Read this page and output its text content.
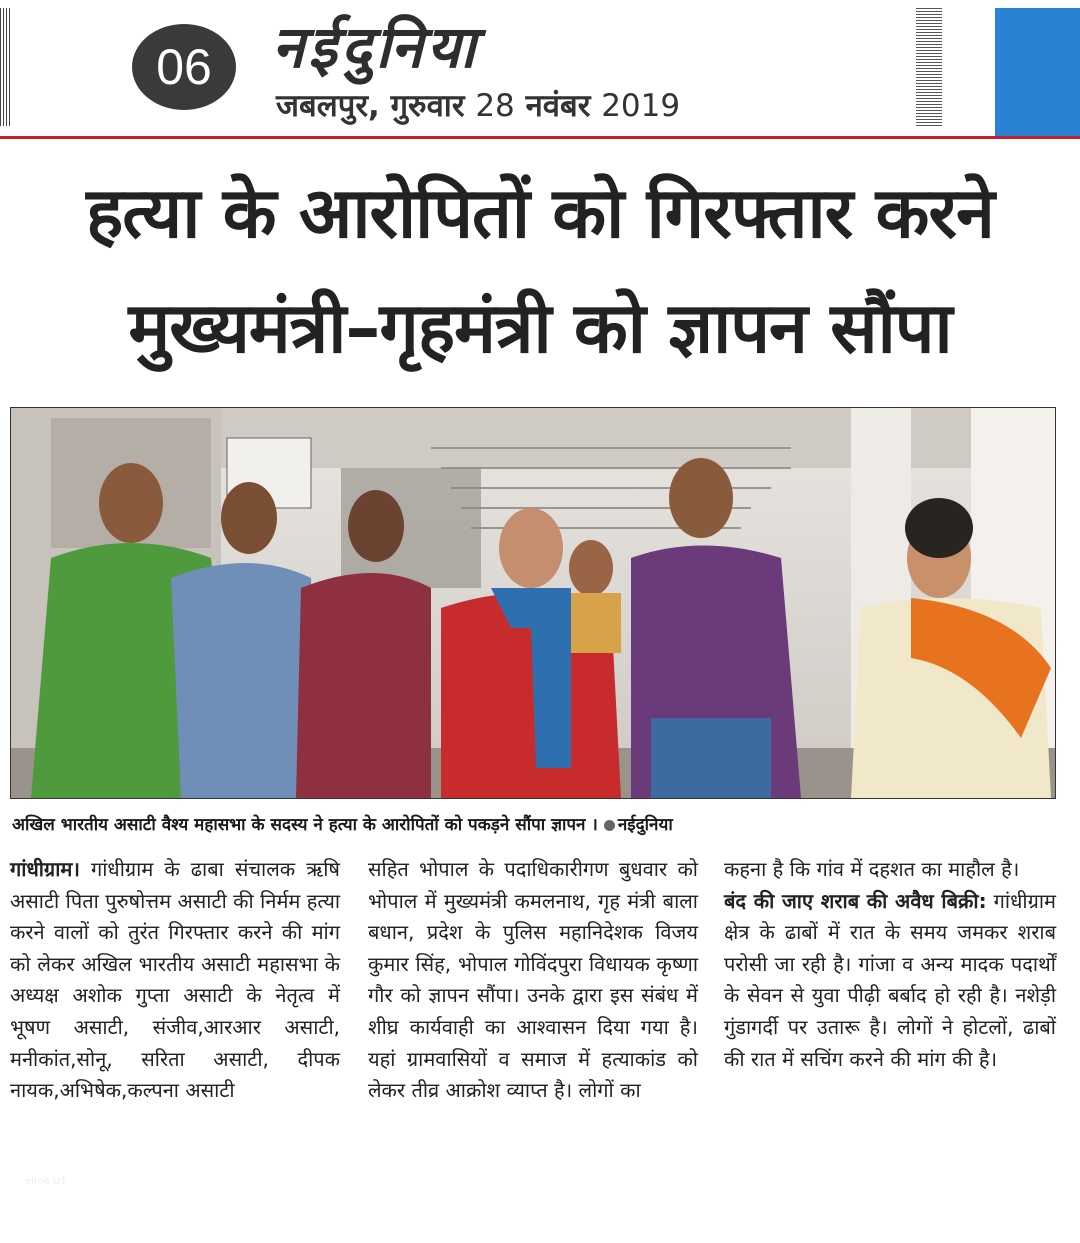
06	नईदुनिया
जबलपुर, गुरुवार 28 नवंबर 2019
हत्या के आरोपितों को गिरफ्तार करने
मुख्यमंत्री–गृहमंत्री को ज्ञापन सौंपा
eime U1
अखिल भारतीय असाटी वैश्य महासभा के सदस्य ने हत्या के आरोपितों को पकड़ने सौंपा ज्ञापन । नईदुनिया

गांधीग्राम। गांधीग्राम के ढाबा संचालक ऋषि असाटी पिता पुरुषोत्तम असाटी की निर्मम हत्या करने वालों को तुरंत गिरफ्तार करने की मांग को लेकर अखिल भारतीय असाटी महासभा के अध्यक्ष अशोक गुप्ता असाटी के नेतृत्व में भूषण असाटी, संजीव,आरआर असाटी, मनीकांत,सोनू, सरिता असाटी, दीपक नायक,अभिषेक,कल्पना असाटी

सहित भोपाल के पदाधिकारीगण बुधवार को भोपाल में मुख्यमंत्री कमलनाथ, गृह मंत्री बाला बधान, प्रदेश के पुलिस महानिदेशक विजय कुमार सिंह, भोपाल गोविंदपुरा विधायक कृष्णा गौर को ज्ञापन सौंपा। उनके द्वारा इस संबंध में शीघ्र कार्यवाही का आश्वासन दिया गया है। यहां ग्रामवासियों व समाज में हत्याकांड को लेकर तीव्र आक्रोश व्याप्त है। लोगों का

कहना है कि गांव में दहशत का माहौल है।

बंद की जाए शराब की अवैध बिक्री: गांधीग्राम क्षेत्र के ढाबों में रात के समय जमकर शराब परोसी जा रही है। गांजा व अन्य मादक पदार्थों के सेवन से युवा पीढ़ी बर्बाद हो रही है। नशेड़ी गुंडागर्दी पर उतारू है। लोगों ने होटलों, ढाबों की रात में सचिंग करने की मांग की है।
